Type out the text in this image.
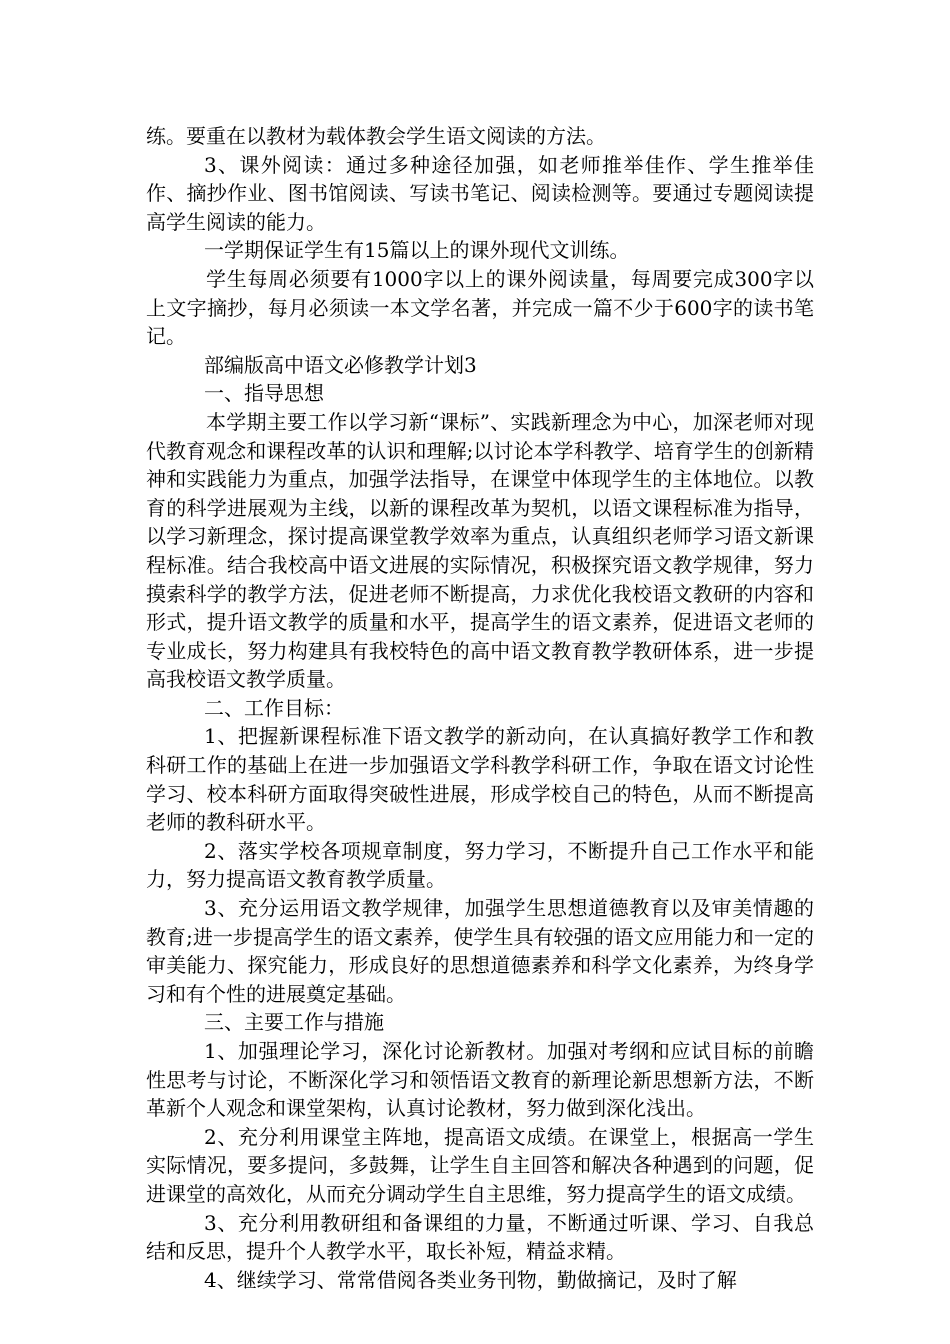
练。要重在以教材为载体教会学生语文阅读的方法。

3、课外阅读：通过多种途径加强，如老师推举佳作、学生推举佳作、摘抄作业、图书馆阅读、写读书笔记、阅读检测等。要通过专题阅读提高学生阅读的能力。

一学期保证学生有15篇以上的课外现代文训练。

学生每周必须要有1000字以上的课外阅读量，每周要完成300字以上文字摘抄，每月必须读一本文学名著，并完成一篇不少于600字的读书笔记。

部编版高中语文必修教学计划3

一、指导思想

本学期主要工作以学习新“课标”、实践新理念为中心，加深老师对现代教育观念和课程改革的认识和理解;以讨论本学科教学、培育学生的创新精神和实践能力为重点，加强学法指导，在课堂中体现学生的主体地位。以教育的科学进展观为主线，以新的课程改革为契机，以语文课程标准为指导，以学习新理念，探讨提高课堂教学效率为重点，认真组织老师学习语文新课程标准。结合我校高中语文进展的实际情况，积极探究语文教学规律，努力摸索科学的教学方法，促进老师不断提高，力求优化我校语文教研的内容和形式，提升语文教学的质量和水平，提高学生的语文素养，促进语文老师的专业成长，努力构建具有我校特色的高中语文教育教学教研体系，进一步提高我校语文教学质量。

二、工作目标：

1、把握新课程标准下语文教学的新动向，在认真搞好教学工作和教科研工作的基础上在进一步加强语文学科教学科研工作，争取在语文讨论性学习、校本科研方面取得突破性进展，形成学校自己的特色，从而不断提高老师的教科研水平。

2、落实学校各项规章制度，努力学习，不断提升自己工作水平和能力，努力提高语文教育教学质量。

3、充分运用语文教学规律，加强学生思想道德教育以及审美情趣的教育;进一步提高学生的语文素养，使学生具有较强的语文应用能力和一定的审美能力、探究能力，形成良好的思想道德素养和科学文化素养，为终身学习和有个性的进展奠定基础。

三、主要工作与措施

1、加强理论学习，深化讨论新教材。加强对考纲和应试目标的前瞻性思考与讨论，不断深化学习和领悟语文教育的新理论新思想新方法，不断革新个人观念和课堂架构，认真讨论教材，努力做到深化浅出。

2、充分利用课堂主阵地，提高语文成绩。在课堂上，根据高一学生实际情况，要多提问，多鼓舞，让学生自主回答和解决各种遇到的问题，促进课堂的高效化，从而充分调动学生自主思维，努力提高学生的语文成绩。

3、充分利用教研组和备课组的力量，不断通过听课、学习、自我总结和反思，提升个人教学水平，取长补短，精益求精。

4、继续学习、常常借阅各类业务刊物，勤做摘记，及时了解
